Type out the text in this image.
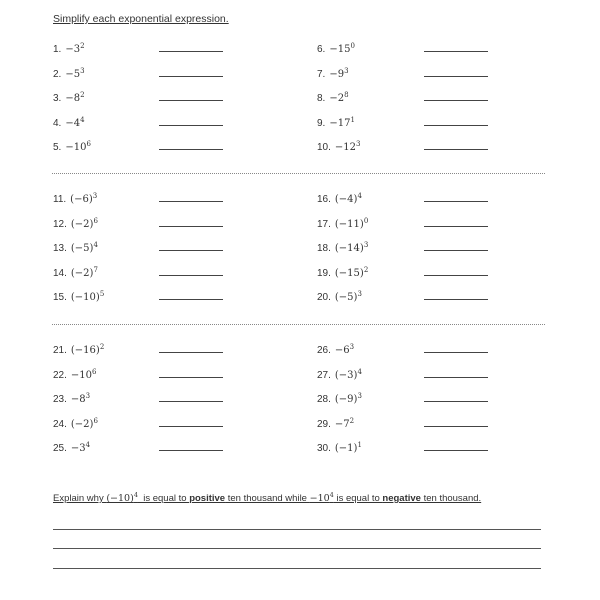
Simplify each exponential expression.
1. $-3^2$
2. $-5^3$
3. $-8^2$
4. $-4^4$
5. $-10^6$
6. $-15^0$
7. $-9^3$
8. $-2^8$
9. $-17^1$
10. $-12^3$
11. $(-6)^3$
12. $(-2)^6$
13. $(-5)^4$
14. $(-2)^7$
15. $(-10)^5$
16. $(-4)^4$
17. $(-11)^0$
18. $(-14)^3$
19. $(-15)^2$
20. $(-5)^3$
21. $(-16)^2$
22. $-10^6$
23. $-8^3$
24. $(-2)^6$
25. $-3^4$
26. $-6^3$
27. $(-3)^4$
28. $(-9)^3$
29. $-7^2$
30. $(-1)^1$
Explain why $(-10)^4$  is equal to positive ten thousand while $-10^4$ is equal to negative ten thousand.
